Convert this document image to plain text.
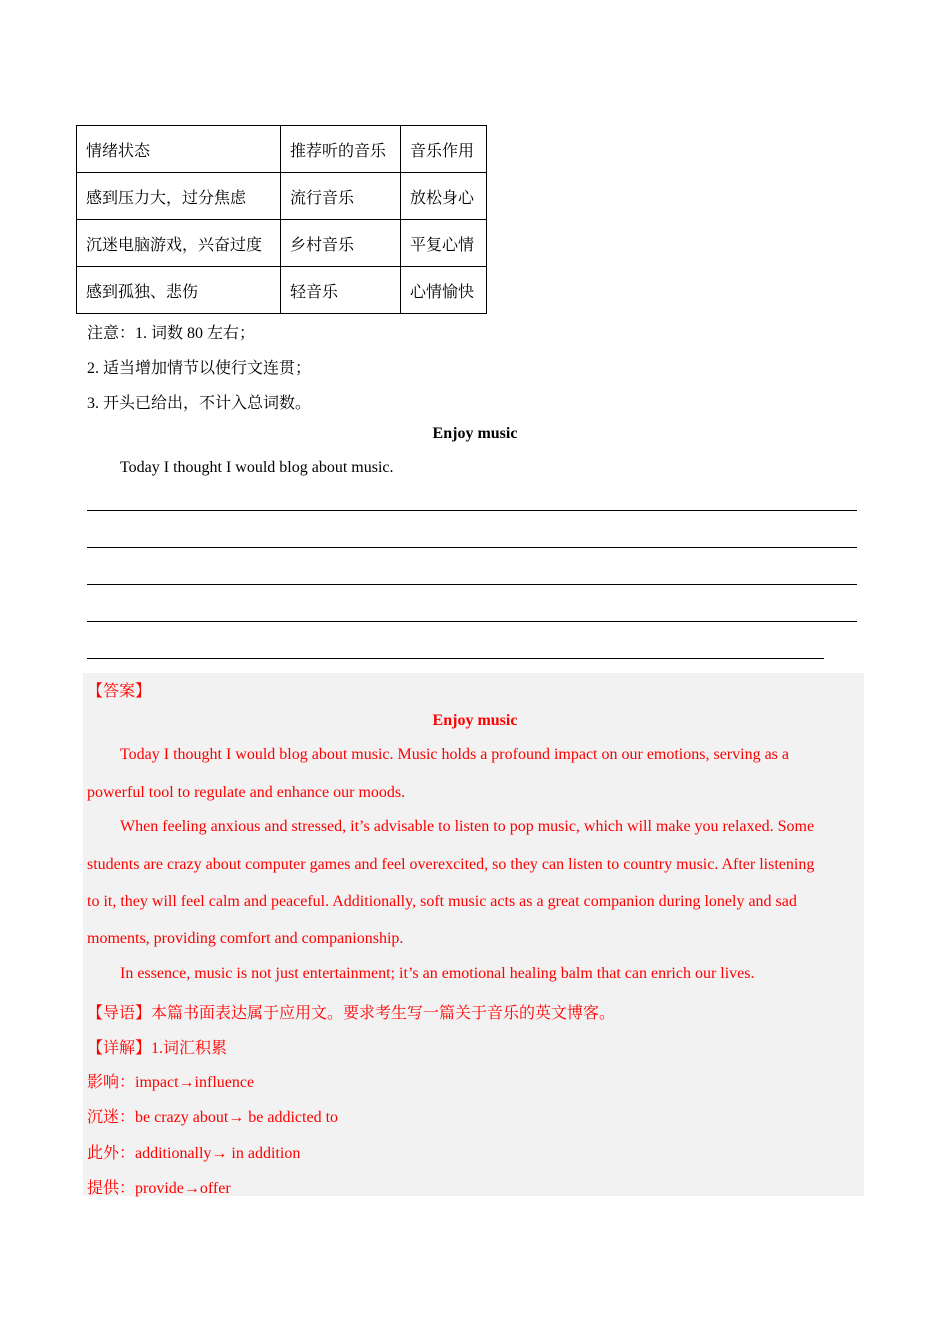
情绪状态	推荐听的音乐	音乐作用
感到压力大，过分焦虑	流行音乐	放松身心
沉迷电脑游戏，兴奋过度	乡村音乐	平复心情
感到孤独、悲伤	轻音乐	心情愉快
注意：1. 词数 80 左右；
2. 适当增加情节以使行文连贯；
3. 开头已给出，不计入总词数。
Enjoy music
Today I thought I would blog about music.
【答案】
Enjoy music
Today I thought I would blog about music. Music holds a profound impact on our emotions, serving as a
powerful tool to regulate and enhance our moods.
When feeling anxious and stressed, it’s advisable to listen to pop music, which will make you relaxed. Some
students are crazy about computer games and feel overexcited, so they can listen to country music. After listening
to it, they will feel calm and peaceful. Additionally, soft music acts as a great companion during lonely and sad
moments, providing comfort and companionship.
In essence, music is not just entertainment; it’s an emotional healing balm that can enrich our lives.
【导语】本篇书面表达属于应用文。要求考生写一篇关于音乐的英文博客。
【详解】1.词汇积累
影响：impact→influence
沉迷：be crazy about→ be addicted to
此外：additionally→ in addition
提供：provide→offer
